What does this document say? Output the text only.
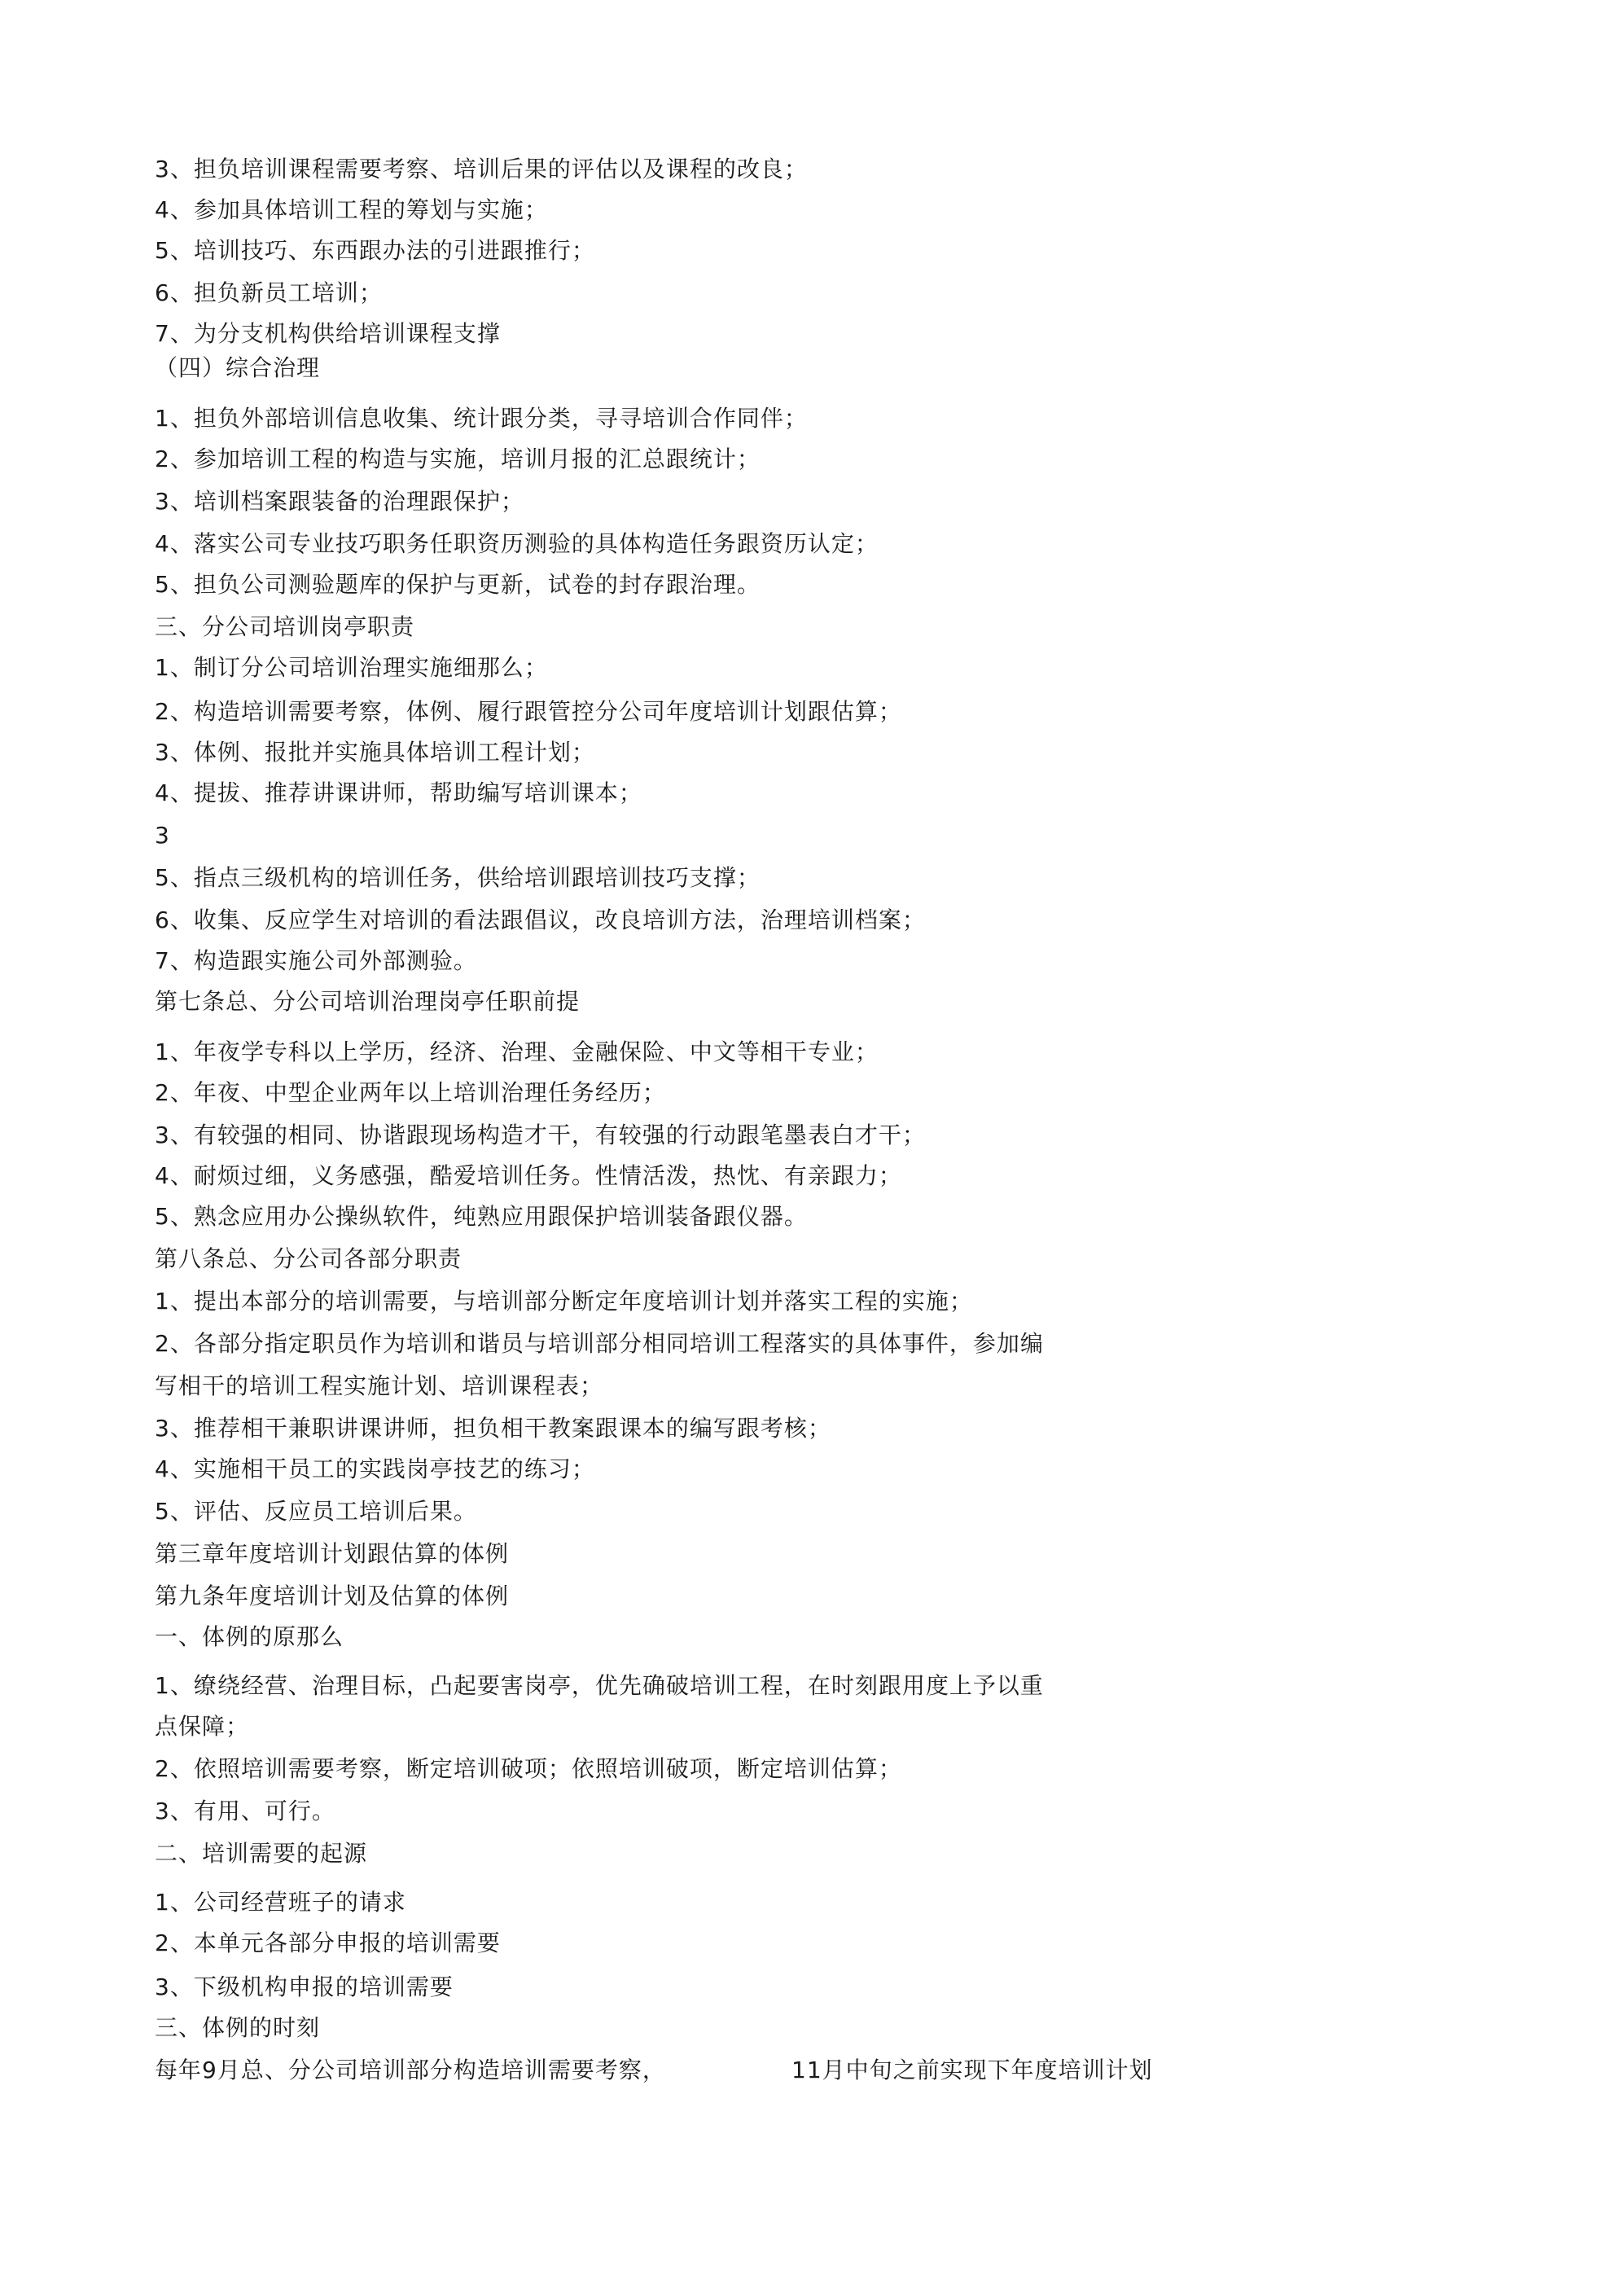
3、担负培训课程需要考察、培训后果的评估以及课程的改良；
4、参加具体培训工程的筹划与实施；
5、培训技巧、东西跟办法的引进跟推行；
6、担负新员工培训；
7、为分支机构供给培训课程支撑
（四）综合治理
1、担负外部培训信息收集、统计跟分类，寻寻培训合作同伴；
2、参加培训工程的构造与实施，培训月报的汇总跟统计；
3、培训档案跟装备的治理跟保护；
4、落实公司专业技巧职务任职资历测验的具体构造任务跟资历认定；
5、担负公司测验题库的保护与更新，试卷的封存跟治理。
三、分公司培训岗亭职责
1、制订分公司培训治理实施细那么；
2、构造培训需要考察，体例、履行跟管控分公司年度培训计划跟估算；
3、体例、报批并实施具体培训工程计划；
4、提拔、推荐讲课讲师，帮助编写培训课本；
3
5、指点三级机构的培训任务，供给培训跟培训技巧支撑；
6、收集、反应学生对培训的看法跟倡议，改良培训方法，治理培训档案；
7、构造跟实施公司外部测验。
第七条总、分公司培训治理岗亭任职前提
1、年夜学专科以上学历，经济、治理、金融保险、中文等相干专业；
2、年夜、中型企业两年以上培训治理任务经历；
3、有较强的相同、协谐跟现场构造才干，有较强的行动跟笔墨表白才干；
4、耐烦过细，义务感强，酷爱培训任务。性情活泼，热忱、有亲跟力；
5、熟念应用办公操纵软件，纯熟应用跟保护培训装备跟仪器。
第八条总、分公司各部分职责
1、提出本部分的培训需要，与培训部分断定年度培训计划并落实工程的实施；
2、各部分指定职员作为培训和谐员与培训部分相同培训工程落实的具体事件，参加编
写相干的培训工程实施计划、培训课程表；
3、推荐相干兼职讲课讲师，担负相干教案跟课本的编写跟考核；
4、实施相干员工的实践岗亭技艺的练习；
5、评估、反应员工培训后果。
第三章年度培训计划跟估算的体例
第九条年度培训计划及估算的体例
一、体例的原那么
1、缭绕经营、治理目标，凸起要害岗亭，优先确破培训工程，在时刻跟用度上予以重
点保障；
2、依照培训需要考察，断定培训破项；依照培训破项，断定培训估算；
3、有用、可行。
二、培训需要的起源
1、公司经营班子的请求
2、本单元各部分申报的培训需要
3、下级机构申报的培训需要
三、体例的时刻
每年9月总、分公司培训部分构造培训需要考察，	11月中旬之前实现下年度培训计划
